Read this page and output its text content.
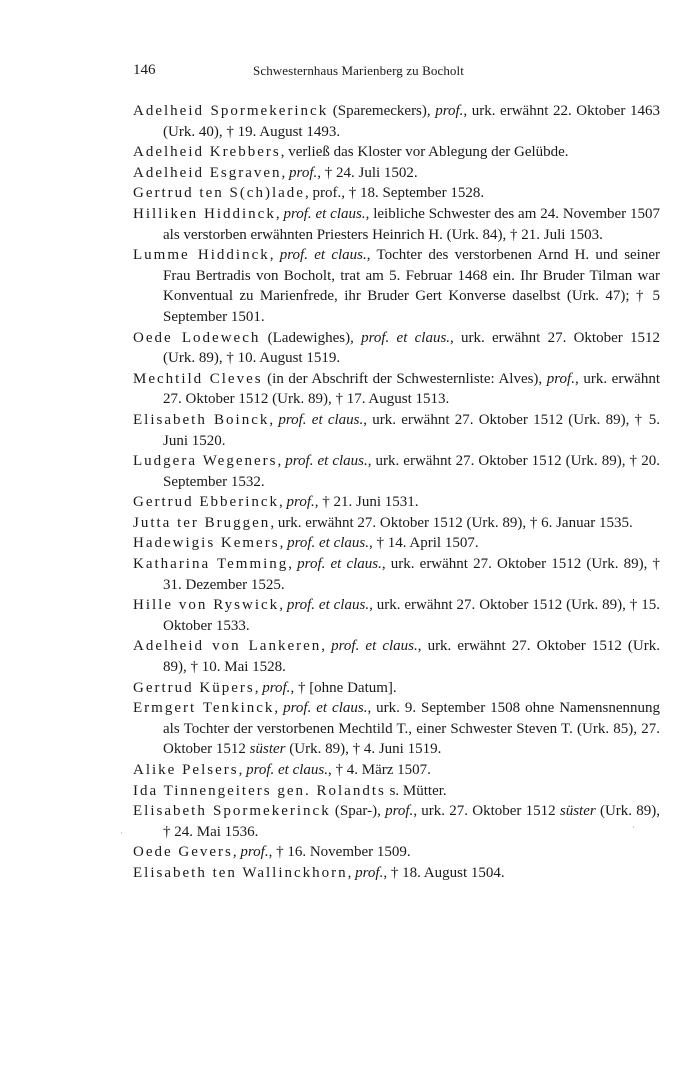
146	Schwesternhaus Marienberg zu Bocholt

Adelheid Spormekerinck (Sparemeckers), prof., urk. erwähnt 22. Oktober 1463 (Urk. 40), † 19. August 1493.

Adelheid Krebbers, verließ das Kloster vor Ablegung der Gelübde.

Adelheid Esgraven, prof., † 24. Juli 1502.

Gertrud ten S(ch)lade, prof., † 18. September 1528.

Hilliken Hiddinck, prof. et claus., leibliche Schwester des am 24. November 1507 als verstorben erwähnten Priesters Heinrich H. (Urk. 84), † 21. Juli 1503.

Lumme Hiddinck, prof. et claus., Tochter des verstorbenen Arnd H. und seiner Frau Bertradis von Bocholt, trat am 5. Februar 1468 ein. Ihr Bruder Tilman war Konventual zu Marienfrede, ihr Bruder Gert Konverse daselbst (Urk. 47); † 5 September 1501.

Oede Lodewech (Ladewighes), prof. et claus., urk. erwähnt 27. Oktober 1512 (Urk. 89), † 10. August 1519.

Mechtild Cleves (in der Abschrift der Schwesternliste: Alves), prof., urk. erwähnt 27. Oktober 1512 (Urk. 89), † 17. August 1513.

Elisabeth Boinck, prof. et claus., urk. erwähnt 27. Oktober 1512 (Urk. 89), † 5. Juni 1520.

Ludgera Wegeners, prof. et claus., urk. erwähnt 27. Oktober 1512 (Urk. 89), † 20. September 1532.

Gertrud Ebberinck, prof., † 21. Juni 1531.

Jutta ter Bruggen, urk. erwähnt 27. Oktober 1512 (Urk. 89), † 6. Januar 1535.

Hadewigis Kemers, prof. et claus., † 14. April 1507.

Katharina Temming, prof. et claus., urk. erwähnt 27. Oktober 1512 (Urk. 89), † 31. Dezember 1525.

Hille von Ryswick, prof. et claus., urk. erwähnt 27. Oktober 1512 (Urk. 89), † 15. Oktober 1533.

Adelheid von Lankeren, prof. et claus., urk. erwähnt 27. Oktober 1512 (Urk. 89), † 10. Mai 1528.

Gertrud Küpers, prof., † [ohne Datum].

Ermgert Tenkinck, prof. et claus., urk. 9. September 1508 ohne Namensnennung als Tochter der verstorbenen Mechtild T., einer Schwester Steven T. (Urk. 85), 27. Oktober 1512 süster (Urk. 89), † 4. Juni 1519.

Alike Pelsers, prof. et claus., † 4. März 1507.

Ida Tinnengeiters gen. Rolandts s. Mütter.

Elisabeth Spormekerinck (Spar-), prof., urk. 27. Oktober 1512 süster (Urk. 89), † 24. Mai 1536.

Oede Gevers, prof., † 16. November 1509.

Elisabeth ten Wallinckhorn, prof., † 18. August 1504.

·
·
